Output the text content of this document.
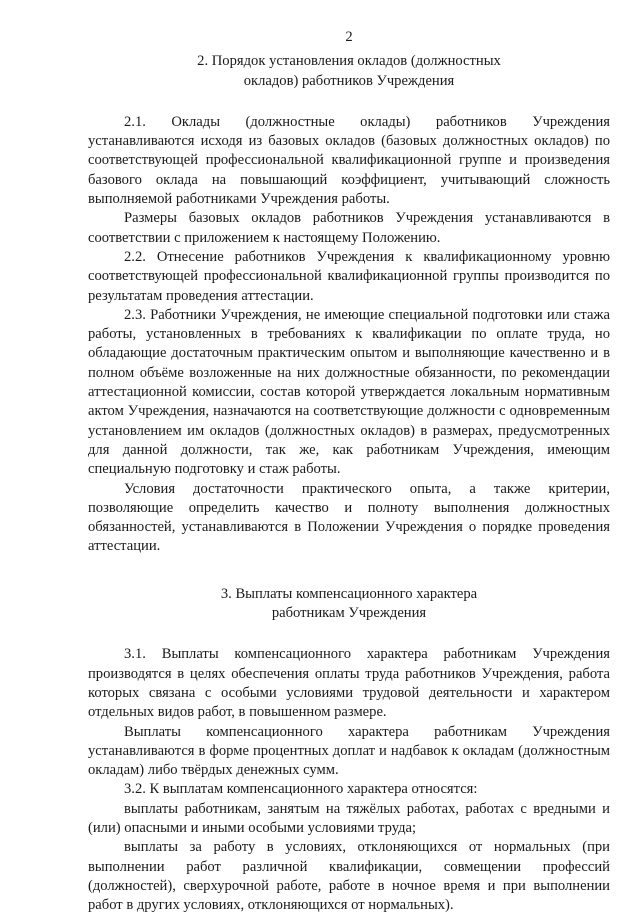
2
2. Порядок установления окладов (должностных окладов) работников Учреждения

2.1. Оклады (должностные оклады) работников Учреждения устанавливаются исходя из базовых окладов (базовых должностных окладов) по соответствующей профессиональной квалификационной группе и произведения базового оклада на повышающий коэффициент, учитывающий сложность выполняемой работниками Учреждения работы.

Размеры базовых окладов работников Учреждения устанавливаются в соответствии с приложением к настоящему Положению.

2.2. Отнесение работников Учреждения к квалификационному уровню соответствующей профессиональной квалификационной группы производится по результатам проведения аттестации.

2.3. Работники Учреждения, не имеющие специальной подготовки или стажа работы, установленных в требованиях к квалификации по оплате труда, но обладающие достаточным практическим опытом и выполняющие качественно и в полном объёме возложенные на них должностные обязанности, по рекомендации аттестационной комиссии, состав которой утверждается локальным нормативным актом Учреждения, назначаются на соответствующие должности с одновременным установлением им окладов (должностных окладов) в размерах, предусмотренных для данной должности, так же, как работникам Учреждения, имеющим специальную подготовку и стаж работы.

Условия достаточности практического опыта, а также критерии, позволяющие определить качество и полноту выполнения должностных обязанностей, устанавливаются в Положении Учреждения о порядке проведения аттестации.

3. Выплаты компенсационного характера работникам Учреждения

3.1. Выплаты компенсационного характера работникам Учреждения производятся в целях обеспечения оплаты труда работников Учреждения, работа которых связана с особыми условиями трудовой деятельности и характером отдельных видов работ, в повышенном размере.

Выплаты компенсационного характера работникам Учреждения устанавливаются в форме процентных доплат и надбавок к окладам (должностным окладам) либо твёрдых денежных сумм.

3.2. К выплатам компенсационного характера относятся:

выплаты работникам, занятым на тяжёлых работах, работах с вредными и (или) опасными и иными особыми условиями труда;

выплаты за работу в условиях, отклоняющихся от нормальных (при выполнении работ различной квалификации, совмещении профессий (должностей), сверхурочной работе, работе в ночное время и при выполнении работ в других условиях, отклоняющихся от нормальных).
